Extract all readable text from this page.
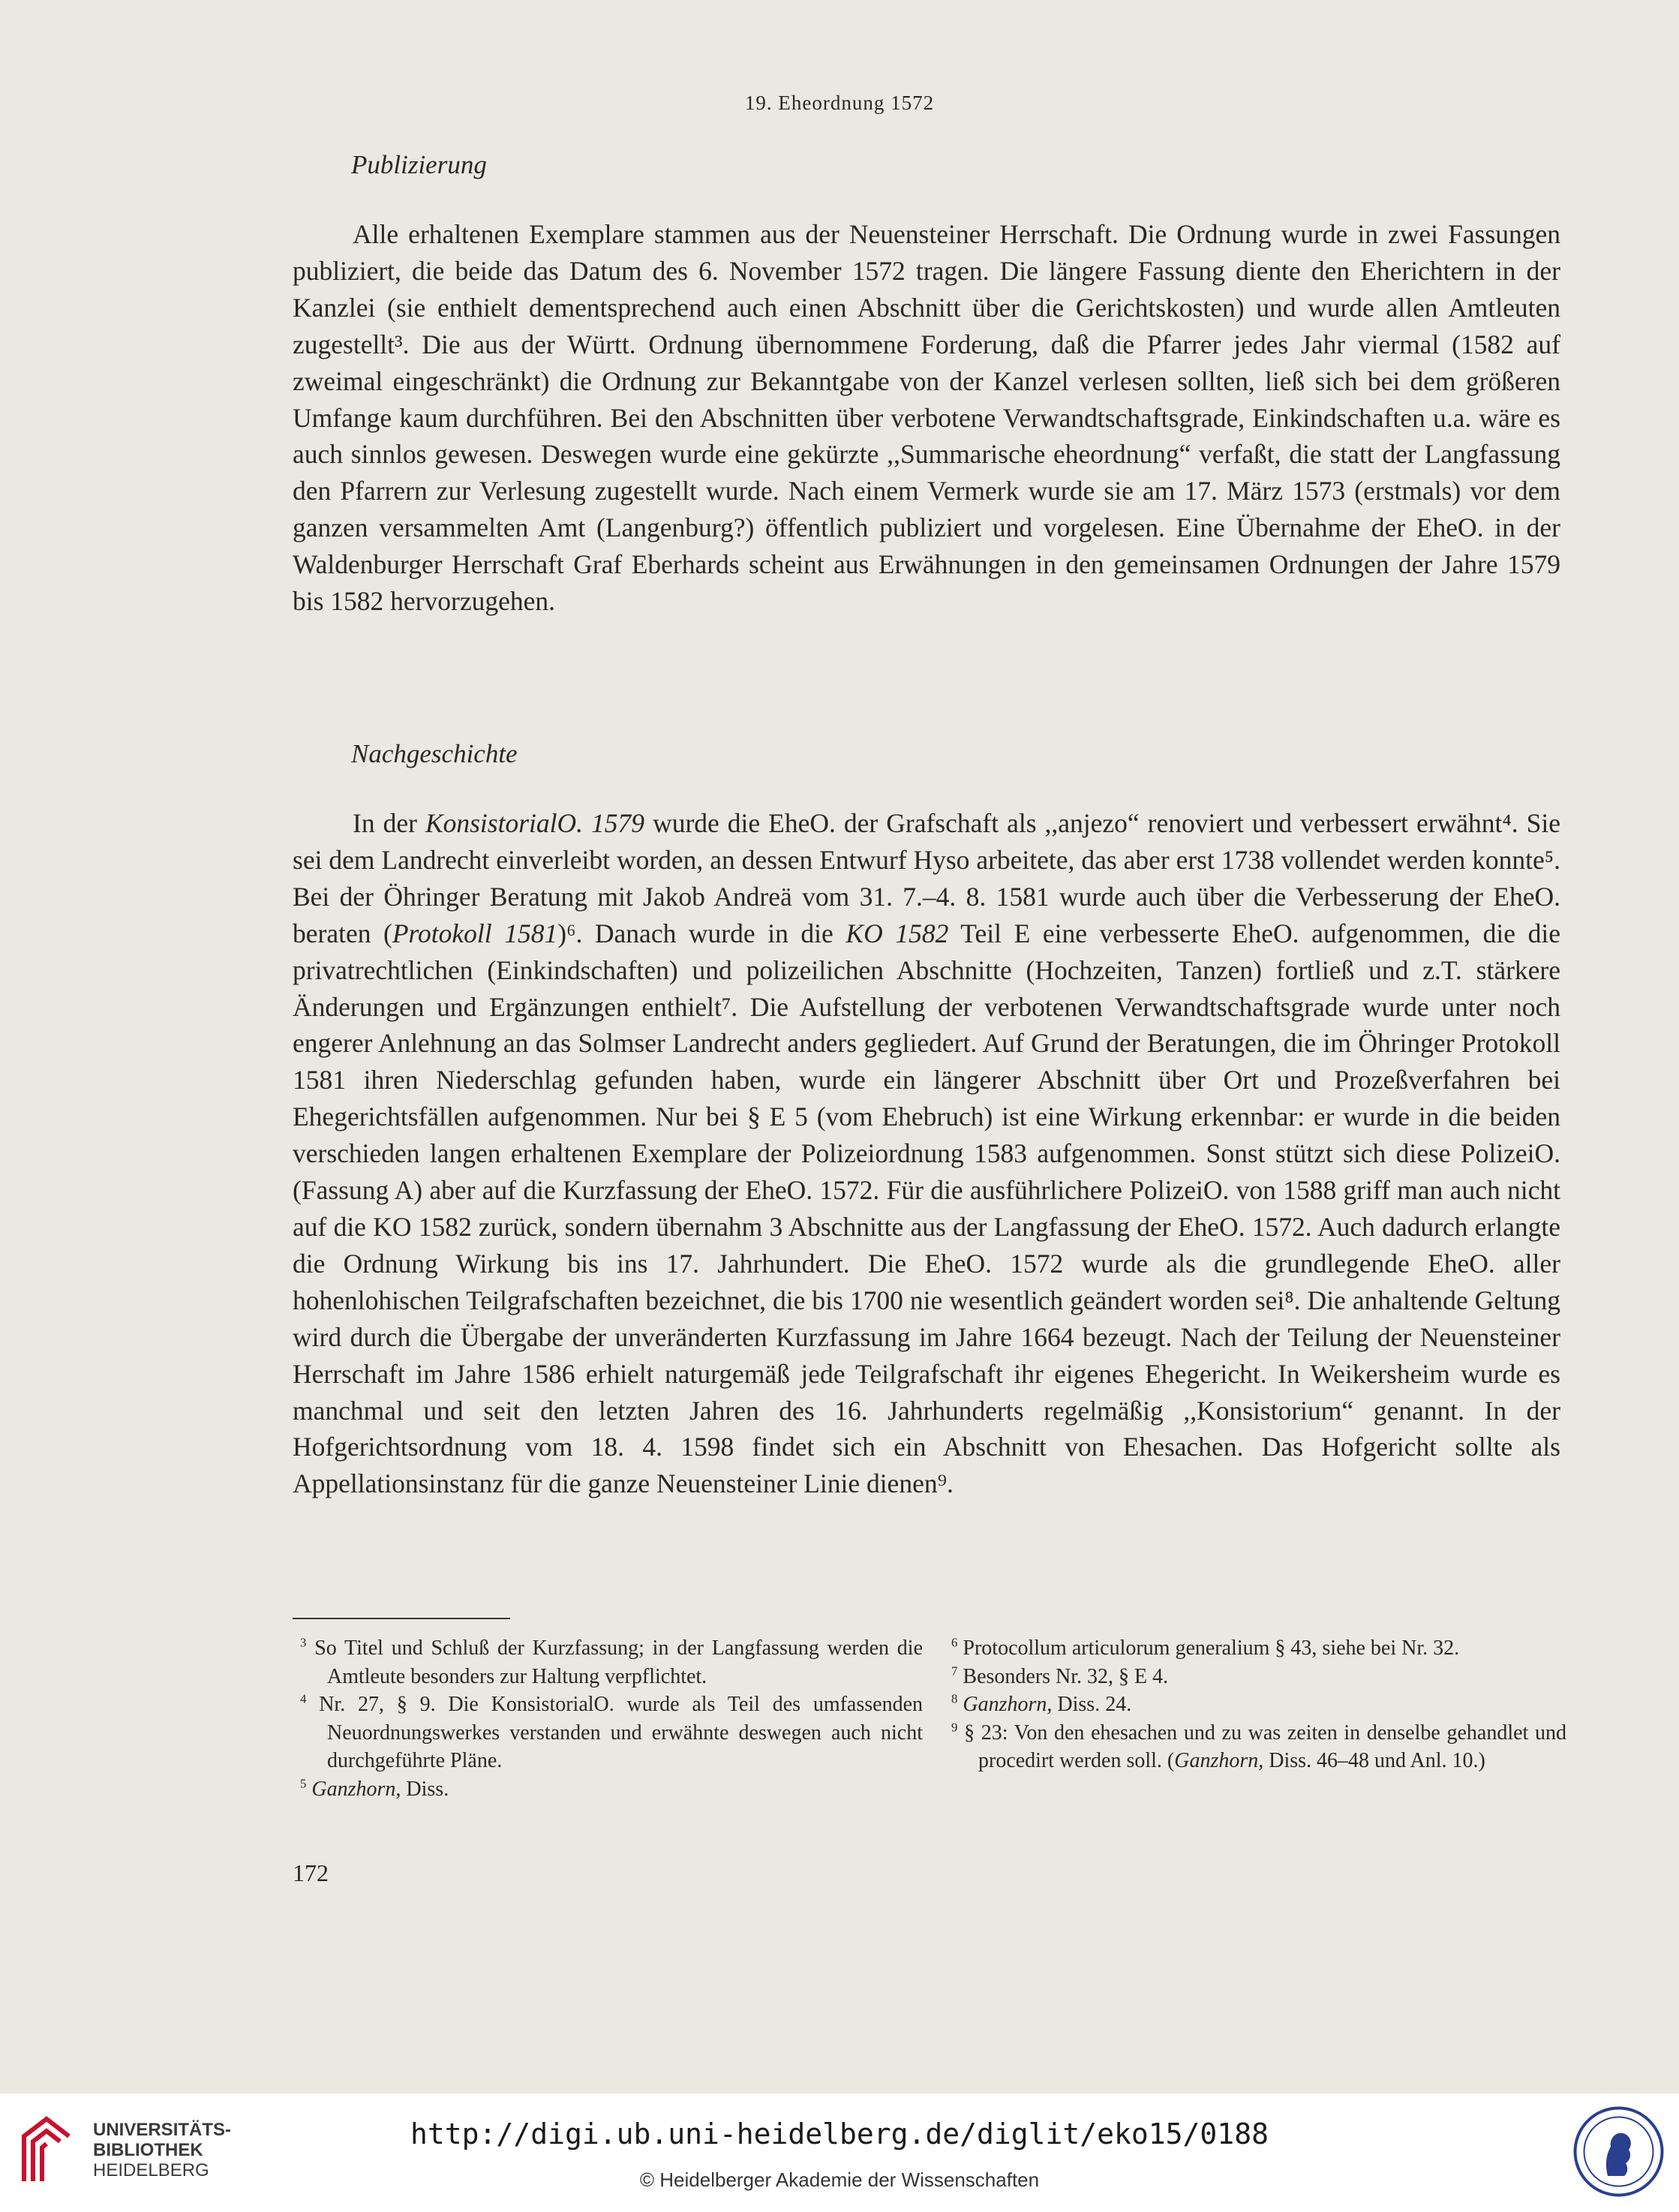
19. Eheordnung 1572
Publizierung

Alle erhaltenen Exemplare stammen aus der Neuensteiner Herrschaft. Die Ordnung wurde in zwei Fassungen publiziert, die beide das Datum des 6. November 1572 tragen. Die längere Fassung diente den Eherichtern in der Kanzlei (sie enthielt dementsprechend auch einen Abschnitt über die Gerichtskosten) und wurde allen Amtleuten zugestellt³. Die aus der Württ. Ordnung übernommene Forderung, daß die Pfarrer jedes Jahr viermal (1582 auf zweimal eingeschränkt) die Ordnung zur Bekanntgabe von der Kanzel verlesen sollten, ließ sich bei dem größeren Umfange kaum durchführen. Bei den Abschnitten über verbotene Verwandtschaftsgrade, Einkindschaften u.a. wäre es auch sinnlos gewesen. Deswegen wurde eine gekürzte ,,Summarische eheordnung“ verfaßt, die statt der Langfassung den Pfarrern zur Verlesung zugestellt wurde. Nach einem Vermerk wurde sie am 17. März 1573 (erstmals) vor dem ganzen versammelten Amt (Langenburg?) öffentlich publiziert und vorgelesen. Eine Übernahme der EheO. in der Waldenburger Herrschaft Graf Eberhards scheint aus Erwähnungen in den gemeinsamen Ordnungen der Jahre 1579 bis 1582 hervorzugehen.

Nachgeschichte

In der KonsistorialO. 1579 wurde die EheO. der Grafschaft als ,,anjezo“ renoviert und verbessert erwähnt⁴. Sie sei dem Landrecht einverleibt worden, an dessen Entwurf Hyso arbeitete, das aber erst 1738 vollendet werden konnte⁵. Bei der Öhringer Beratung mit Jakob Andreä vom 31. 7.–4. 8. 1581 wurde auch über die Verbesserung der EheO. beraten (Protokoll 1581)⁶. Danach wurde in die KO 1582 Teil E eine verbesserte EheO. aufgenommen, die die privatrechtlichen (Einkindschaften) und polizeilichen Abschnitte (Hochzeiten, Tanzen) fortließ und z.T. stärkere Änderungen und Ergänzungen enthielt⁷. Die Aufstellung der verbotenen Verwandtschaftsgrade wurde unter noch engerer Anlehnung an das Solmser Landrecht anders gegliedert. Auf Grund der Beratungen, die im Öhringer Protokoll 1581 ihren Niederschlag gefunden haben, wurde ein längerer Abschnitt über Ort und Prozeßverfahren bei Ehegerichtsfällen aufgenommen. Nur bei § E 5 (vom Ehebruch) ist eine Wirkung erkennbar: er wurde in die beiden verschieden langen erhaltenen Exemplare der Polizeiordnung 1583 aufgenommen. Sonst stützt sich diese PolizeiO. (Fassung A) aber auf die Kurzfassung der EheO. 1572. Für die ausführlichere PolizeiO. von 1588 griff man auch nicht auf die KO 1582 zurück, sondern übernahm 3 Abschnitte aus der Langfassung der EheO. 1572. Auch dadurch erlangte die Ordnung Wirkung bis ins 17. Jahrhundert. Die EheO. 1572 wurde als die grundlegende EheO. aller hohenlohischen Teilgrafschaften bezeichnet, die bis 1700 nie wesentlich geändert worden sei⁸. Die anhaltende Geltung wird durch die Übergabe der unveränderten Kurzfassung im Jahre 1664 bezeugt. Nach der Teilung der Neuensteiner Herrschaft im Jahre 1586 erhielt naturgemäß jede Teilgrafschaft ihr eigenes Ehegericht. In Weikersheim wurde es manchmal und seit den letzten Jahren des 16. Jahrhunderts regelmäßig ,,Konsistorium“ genannt. In der Hofgerichtsordnung vom 18. 4. 1598 findet sich ein Abschnitt von Ehesachen. Das Hofgericht sollte als Appellationsinstanz für die ganze Neuensteiner Linie dienen⁹.

$^3$ So Titel und Schluß der Kurzfassung; in der Langfassung werden die Amtleute besonders zur Haltung verpflichtet.

$^4$ Nr. 27, § 9. Die KonsistorialO. wurde als Teil des umfassenden Neuordnungswerkes verstanden und erwähnte deswegen auch nicht durchgeführte Pläne.

$^5$ Ganzhorn, Diss.

$^6$ Protocollum articulorum generalium § 43, siehe bei Nr. 32.

$^7$ Besonders Nr. 32, § E 4.

$^8$ Ganzhorn, Diss. 24.

$^9$ § 23: Von den ehesachen und zu was zeiten in denselbe gehandlet und procedirt werden soll. (Ganzhorn, Diss. 46–48 und Anl. 10.)

172
UNIVERSITÄTS-
BIBLIOTHEK
HEIDELBERG
http://digi.ub.uni-heidelberg.de/diglit/eko15/0188
© Heidelberger Akademie der Wissenschaften
